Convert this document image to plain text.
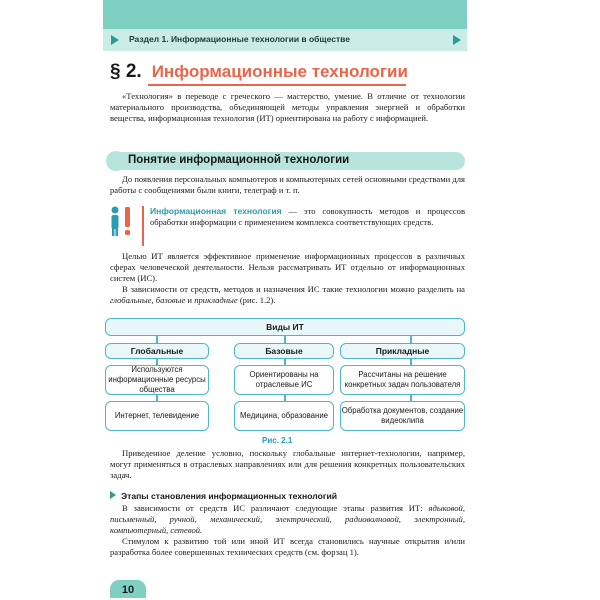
Раздел 1. Информационные технологии в обществе
§ 2. Информационные технологии

«Технология» в переводе с греческого — мастерство, умение. В отличие от технологии материального производства, объединяющей методы управления энергией и обработки вещества, информационная технология (ИТ) ориентирована на работу с информацией.

Понятие информационной технологии

До появления персональных компьютеров и компьютерных сетей основными средствами для работы с сообщениями были книги, телеграф и т. п.

Информационная технология — это совокупность методов и процессов обработки информации с применением комплекса соответствующих средств.

Целью ИТ является эффективное применение информационных процессов в различных сферах человеческой деятельности. Нельзя рассматривать ИТ отдельно от информационных систем (ИС).

В зависимости от средств, методов и назначения ИС такие технологии можно разделить на глобальные, базовые и прикладные (рис. 1.2).

Виды ИТ
Глобальные	Базовые	Прикладные
Используются информационные ресурсы общества
Ориентированы на отраслевые ИС
Рассчитаны на решение конкретных задач пользователя
Интернет, телевидение	Медицина, образование
Обработка документов, создание видеоклипа
Рис. 2.1

Приведенное деление условно, поскольку глобальные интернет-технологии, например, могут применяться в отраслевых направлениях или для решения конкретных пользовательских задач.

Этапы становления информационных технологий

В зависимости от средств ИС различают следующие этапы развития ИТ: ядыковой, письменный, ручной, механический, электрический, радиоволновой, электронный, компьютерный, сетевой.

Стимулом к развитию той или иной ИТ всегда становились научные открытия и/или разработка более совершенных технических средств (см. форзац 1).

10
